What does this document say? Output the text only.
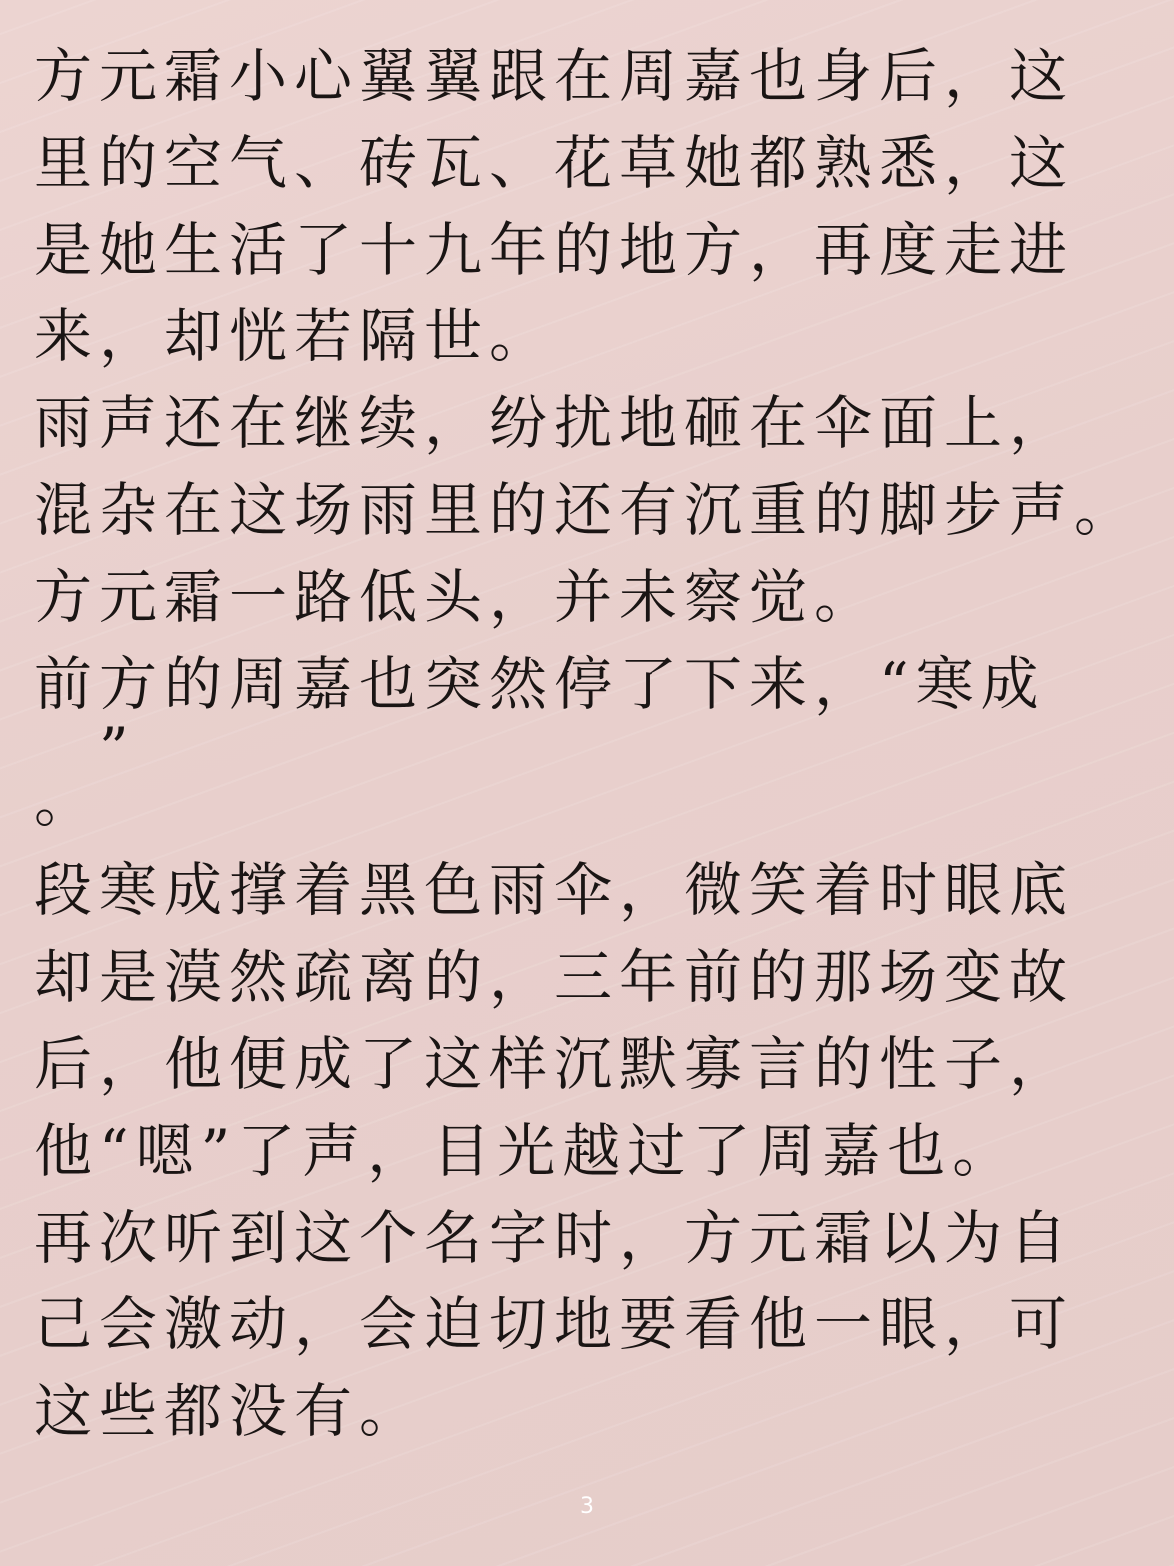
方元霜小心翼翼跟在周嘉也身后，这
里的空气、砖瓦、花草她都熟悉，这
是她生活了十九年的地方，再度走进
来，却恍若隔世。
雨声还在继续，纷扰地砸在伞面上，
混杂在这场雨里的还有沉重的脚步声。
方元霜一路低头，并未察觉。
前方的周嘉也突然停了下来，“寒成
　”
。
段寒成撑着黑色雨伞，微笑着时眼底
却是漠然疏离的，三年前的那场变故
后，他便成了这样沉默寡言的性子，
他“嗯”了声，目光越过了周嘉也。
再次听到这个名字时，方元霜以为自
己会激动，会迫切地要看他一眼，可
这些都没有。
3
